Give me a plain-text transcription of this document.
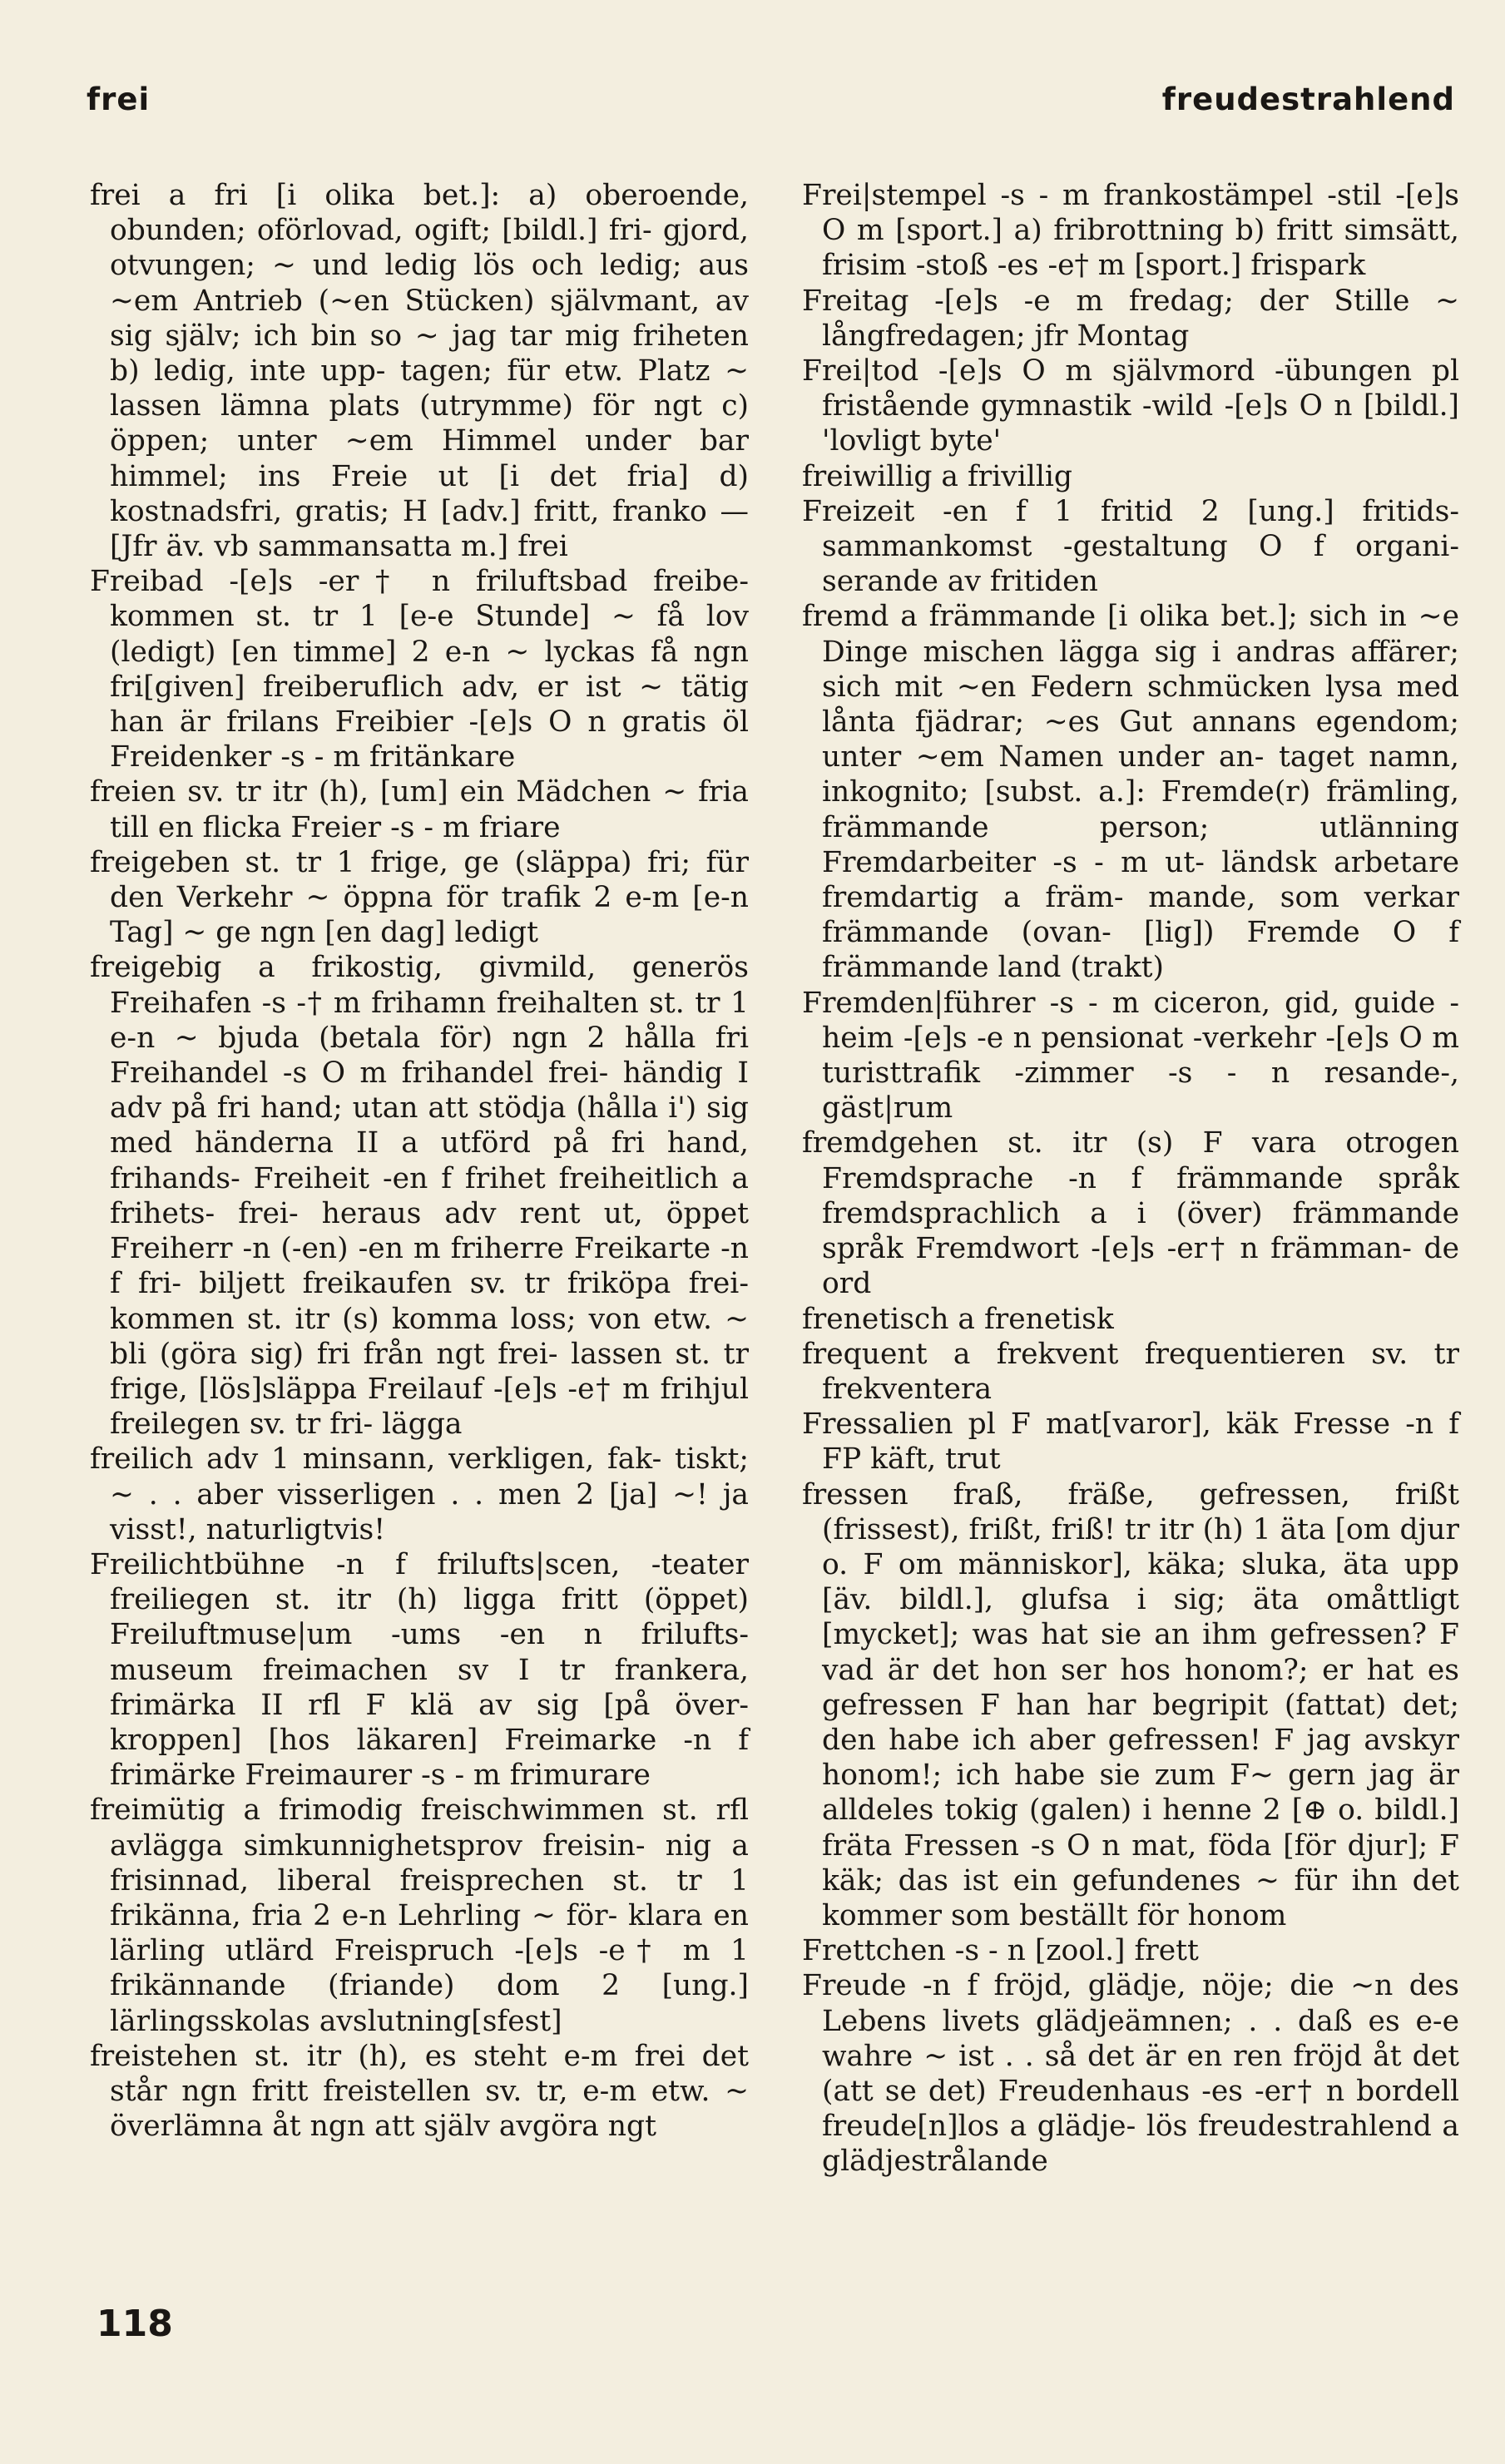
frei	freudestrahlend

frei a fri [i olika bet.]: a) oberoende, obunden; oförlovad, ogift; [bildl.] fri- gjord, otvungen; ~ und ledig lös och ledig; aus ~em Antrieb (~en Stücken) självmant, av sig själv; ich bin so ~ jag tar mig friheten b) ledig, inte upp- tagen; für etw. Platz ~ lassen lämna plats (utrymme) för ngt c) öppen; unter ~em Himmel under bar himmel; ins Freie ut [i det fria] d) kostnadsfri, gratis; H [adv.] fritt, franko — [Jfr äv. vb sammansatta m.] frei

Freibad -[e]s -er† n friluftsbad freibe- kommen st. tr 1 [e-e Stunde] ~ få lov (ledigt) [en timme] 2 e-n ~ lyckas få ngn fri[given] freiberuflich adv, er ist ~ tätig han är frilans Freibier -[e]s O n gratis öl Freidenker -s - m fritänkare

freien sv. tr itr (h), [um] ein Mädchen ~ fria till en flicka Freier -s - m friare

freigeben st. tr 1 frige, ge (släppa) fri; für den Verkehr ~ öppna för trafik 2 e-m [e-n Tag] ~ ge ngn [en dag] ledigt

freigebig a frikostig, givmild, generös Freihafen -s -† m frihamn freihalten st. tr 1 e-n ~ bjuda (betala för) ngn 2 hålla fri Freihandel -s O m frihandel frei- händig I adv på fri hand; utan att stödja (hålla i') sig med händerna II a utförd på fri hand, frihands- Freiheit -en f frihet freiheitlich a frihets- frei- heraus adv rent ut, öppet Freiherr -n (-en) -en m friherre Freikarte -n f fri- biljett freikaufen sv. tr friköpa frei- kommen st. itr (s) komma loss; von etw. ~ bli (göra sig) fri från ngt frei- lassen st. tr frige, [lös]släppa Freilauf -[e]s -e† m frihjul freilegen sv. tr fri- lägga

freilich adv 1 minsann, verkligen, fak- tiskt; ~ . . aber visserligen . . men 2 [ja] ~! ja visst!, naturligtvis!

Freilichtbühne -n f frilufts|scen, -teater freiliegen st. itr (h) ligga fritt (öppet) Freiluftmuse|um -ums -en n frilufts- museum freimachen sv I tr frankera, frimärka II rfl F klä av sig [på över- kroppen] [hos läkaren] Freimarke -n f frimärke Freimaurer -s - m frimurare

freimütig a frimodig freischwimmen st. rfl avlägga simkunnighetsprov freisin- nig a frisinnad, liberal freisprechen st. tr 1 frikänna, fria 2 e-n Lehrling ~ för- klara en lärling utlärd Freispruch -[e]s -e† m 1 frikännande (friande) dom 2 [ung.] lärlingsskolas avslutning[sfest]

freistehen st. itr (h), es steht e-m frei det står ngn fritt freistellen sv. tr, e-m etw. ~ överlämna åt ngn att själv avgöra ngt

Frei|stempel -s - m frankostämpel -stil -[e]s O m [sport.] a) fribrottning b) fritt simsätt, frisim -stoß -es -e† m [sport.] frispark

Freitag -[e]s -e m fredag; der Stille ~ långfredagen; jfr Montag

Frei|tod -[e]s O m självmord -übungen pl fristående gymnastik -wild -[e]s O n [bildl.] 'lovligt byte'

freiwillig a frivillig

Freizeit -en f 1 fritid 2 [ung.] fritids- sammankomst -gestaltung O f organi- serande av fritiden

fremd a främmande [i olika bet.]; sich in ~e Dinge mischen lägga sig i andras affärer; sich mit ~en Federn schmücken lysa med lånta fjädrar; ~es Gut annans egendom; unter ~em Namen under an- taget namn, inkognito; [subst. a.]: Fremde(r) främling, främmande person; utlänning Fremdarbeiter -s - m ut- ländsk arbetare fremdartig a främ- mande, som verkar främmande (ovan- [lig]) Fremde O f främmande land (trakt)

Fremden|führer -s - m ciceron, gid, guide -heim -[e]s -e n pensionat -verkehr -[e]s O m turisttrafik -zimmer -s - n resande-, gäst|rum

fremdgehen st. itr (s) F vara otrogen Fremdsprache -n f främmande språk fremdsprachlich a i (över) främmande språk Fremdwort -[e]s -er† n främman- de ord

frenetisch a frenetisk

frequent a frekvent frequentieren sv. tr frekventera

Fressalien pl F mat[varor], käk Fresse -n f FP käft, trut

fressen fraß, fräße, gefressen, frißt (frissest), frißt, friß! tr itr (h) 1 äta [om djur o. F om människor], käka; sluka, äta upp [äv. bildl.], glufsa i sig; äta omåttligt [mycket]; was hat sie an ihm gefressen? F vad är det hon ser hos honom?; er hat es gefressen F han har begripit (fattat) det; den habe ich aber gefressen! F jag avskyr honom!; ich habe sie zum F~ gern jag är alldeles tokig (galen) i henne 2 [⊕ o. bildl.] fräta Fressen -s O n mat, föda [för djur]; F käk; das ist ein gefundenes ~ für ihn det kommer som beställt för honom

Frettchen -s - n [zool.] frett

Freude -n f fröjd, glädje, nöje; die ~n des Lebens livets glädjeämnen; . . daß es e-e wahre ~ ist . . så det är en ren fröjd åt det (att se det) Freudenhaus -es -er† n bordell freude[n]los a glädje- lös freudestrahlend a glädjestrålande

118
